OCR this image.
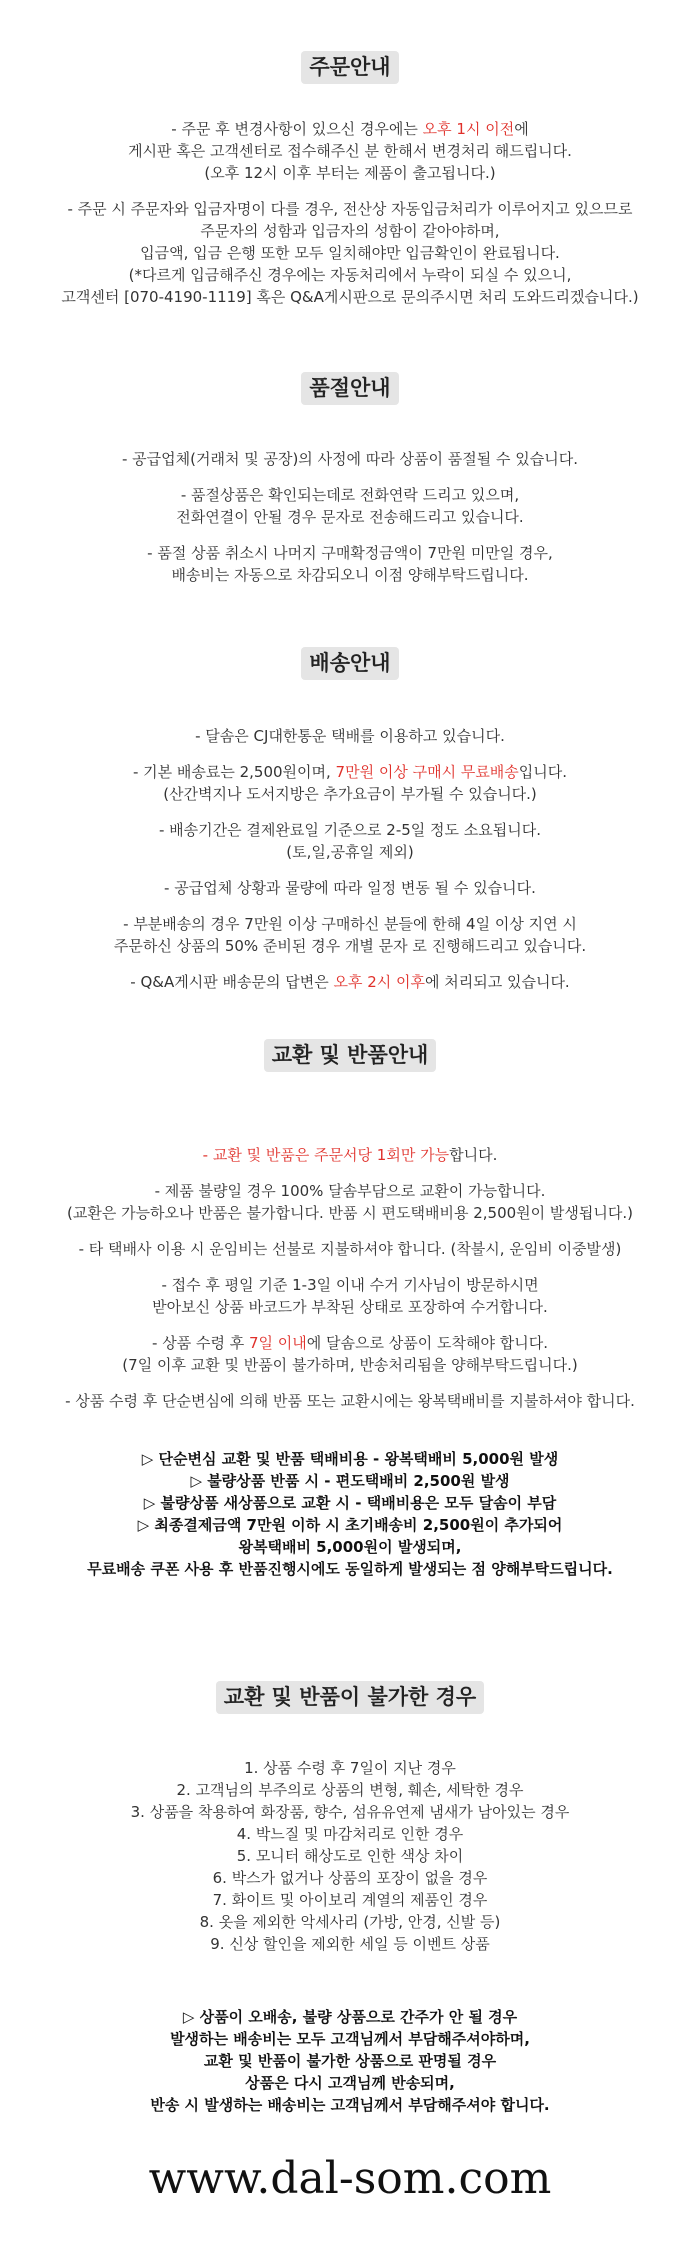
주문안내

- 주문 후 변경사항이 있으신 경우에는 오후 1시 이전에

게시판 혹은 고객센터로 접수해주신 분 한해서 변경처리 해드립니다.

(오후 12시 이후 부터는 제품이 출고됩니다.)

- 주문 시 주문자와 입금자명이 다를 경우, 전산상 자동입금처리가 이루어지고 있으므로

주문자의 성함과 입금자의 성함이 같아야하며,

입금액, 입금 은행 또한 모두 일치해야만 입금확인이 완료됩니다.

(*다르게 입금해주신 경우에는 자동처리에서 누락이 되실 수 있으니,

고객센터 [070-4190-1119] 혹은 Q&A게시판으로 문의주시면 처리 도와드리겠습니다.)

품절안내

- 공급업체(거래처 및 공장)의 사정에 따라 상품이 품절될 수 있습니다.

- 품절상품은 확인되는데로 전화연락 드리고 있으며,

전화연결이 안될 경우 문자로 전송해드리고 있습니다.

- 품절 상품 취소시 나머지 구매확정금액이 7만원 미만일 경우,

배송비는 자동으로 차감되오니 이점 양해부탁드립니다.

배송안내

- 달솜은 CJ대한통운 택배를 이용하고 있습니다.

- 기본 배송료는 2,500원이며, 7만원 이상 구매시 무료배송입니다.

(산간벽지나 도서지방은 추가요금이 부가될 수 있습니다.)

- 배송기간은 결제완료일 기준으로 2-5일 정도 소요됩니다.

(토,일,공휴일 제외)

- 공급업체 상황과 물량에 따라 일정 변동 될 수 있습니다.

- 부분배송의 경우 7만원 이상 구매하신 분들에 한해 4일 이상 지연 시

주문하신 상품의 50% 준비된 경우 개별 문자 로 진행해드리고 있습니다.

- Q&A게시판 배송문의 답변은 오후 2시 이후에 처리되고 있습니다.

교환 및 반품안내

- 교환 및 반품은 주문서당 1회만 가능합니다.

- 제품 불량일 경우 100% 달솜부담으로 교환이 가능합니다.

(교환은 가능하오나 반품은 불가합니다. 반품 시 편도택배비용 2,500원이 발생됩니다.)

- 타 택배사 이용 시 운임비는 선불로 지불하셔야 합니다. (착불시, 운임비 이중발생)

- 접수 후 평일 기준 1-3일 이내 수거 기사님이 방문하시면

받아보신 상품 바코드가 부착된 상태로 포장하여 수거합니다.

- 상품 수령 후 7일 이내에 달솜으로 상품이 도착해야 합니다.

(7일 이후 교환 및 반품이 불가하며, 반송처리됨을 양해부탁드립니다.)

- 상품 수령 후 단순변심에 의해 반품 또는 교환시에는 왕복택배비를 지불하셔야 합니다.

▷ 단순변심 교환 및 반품 택배비용 - 왕복택배비 5,000원 발생

▷ 불량상품 반품 시 - 편도택배비 2,500원 발생

▷ 불량상품 새상품으로 교환 시 - 택배비용은 모두 달솜이 부담

▷ 최종결제금액 7만원 이하 시 초기배송비 2,500원이 추가되어

왕복택배비 5,000원이 발생되며,

무료배송 쿠폰 사용 후 반품진행시에도 동일하게 발생되는 점 양해부탁드립니다.

교환 및 반품이 불가한 경우

1. 상품 수령 후 7일이 지난 경우

2. 고객님의 부주의로 상품의 변형, 훼손, 세탁한 경우

3. 상품을 착용하여 화장품, 향수, 섬유유연제 냄새가 남아있는 경우

4. 박느질 및 마감처리로 인한 경우

5. 모니터 해상도로 인한 색상 차이

6. 박스가 없거나 상품의 포장이 없을 경우

7. 화이트 및 아이보리 계열의 제품인 경우

8. 옷을 제외한 악세사리 (가방, 안경, 신발 등)

9. 신상 할인을 제외한 세일 등 이벤트 상품

▷ 상품이 오배송, 불량 상품으로 간주가 안 될 경우

발생하는 배송비는 모두 고객님께서 부담해주셔야하며,

교환 및 반품이 불가한 상품으로 판명될 경우

상품은 다시 고객님께 반송되며,

반송 시 발생하는 배송비는 고객님께서 부담해주셔야 합니다.

www.dal-som.com
